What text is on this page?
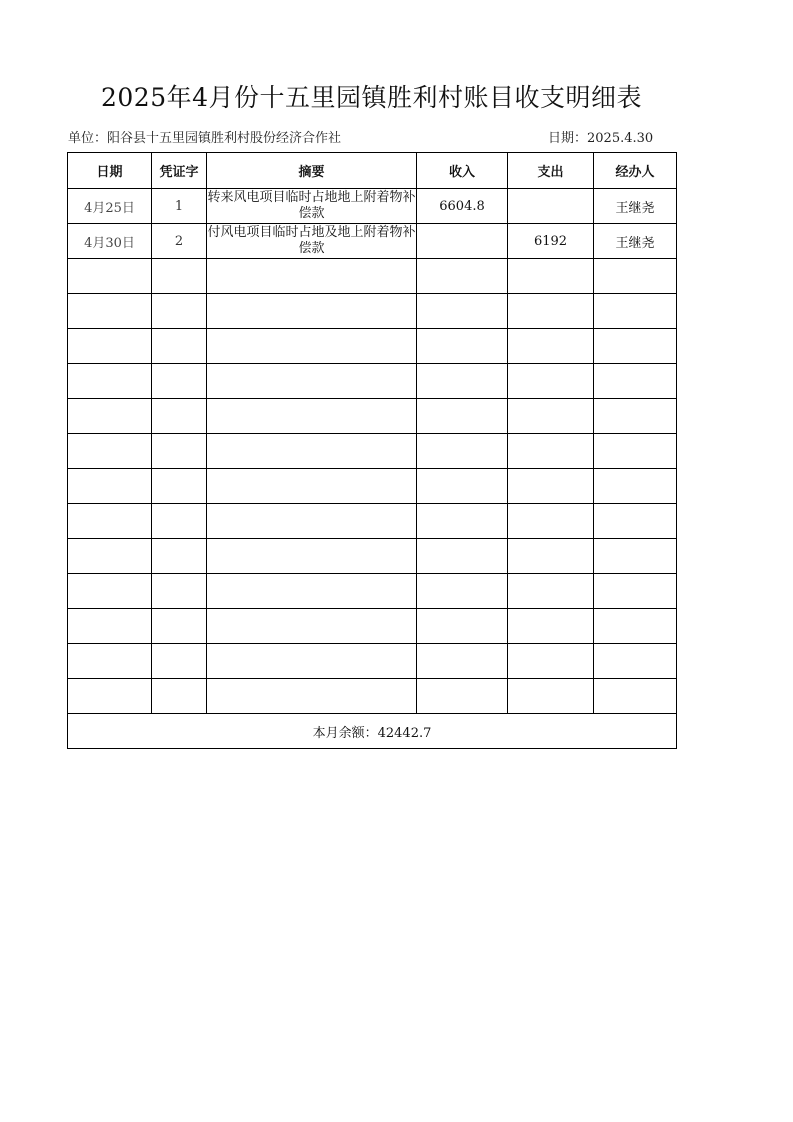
2025年4月份十五里园镇胜利村账目收支明细表
单位：阳谷县十五里园镇胜利村股份经济合作社	日期：2025.4.30
日期	凭证字	摘要	收入	支出	经办人
4月25日	1	转来风电项目临时占地地上附着物补偿款	6604.8		王继尧
4月30日	2	付风电项目临时占地及地上附着物补偿款		6192	王继尧

本月余额：42442.7					
